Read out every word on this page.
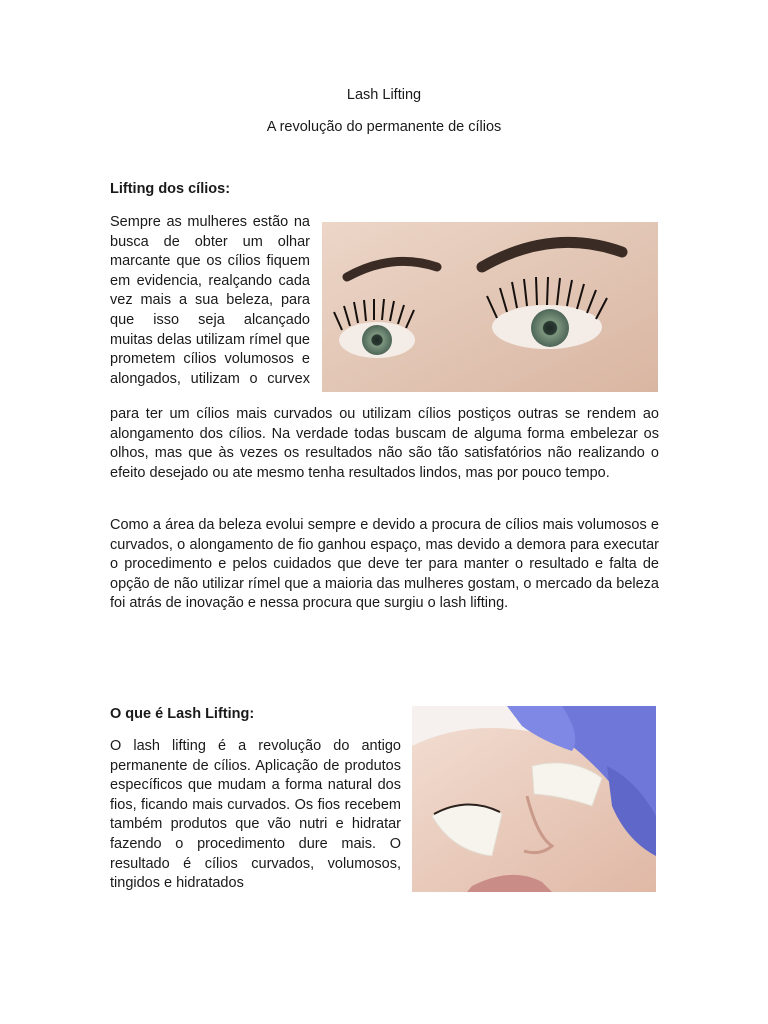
Lash Lifting
A revolução do permanente de cílios
Lifting dos cílios:

Sempre as mulheres estão na busca de obter um olhar marcante que os cílios fiquem em evidencia, realçando cada vez mais a sua beleza, para que isso seja alcançado muitas delas utilizam rímel que prometem cílios volumosos e alongados, utilizam o curvex

para ter um cílios mais curvados ou utilizam cílios postiços outras se rendem ao alongamento dos cílios. Na verdade todas buscam de alguma forma embelezar os olhos, mas que às vezes os resultados não são tão satisfatórios não realizando o efeito desejado ou ate mesmo tenha resultados lindos, mas por pouco tempo.

Como a área da beleza evolui sempre e devido a procura de cílios mais volumosos e curvados, o alongamento de fio ganhou espaço, mas devido a demora para executar o procedimento e pelos cuidados que deve ter para manter o resultado e falta de opção de não utilizar rímel que a maioria das mulheres gostam, o mercado da beleza foi atrás de inovação e nessa procura que surgiu o lash lifting.

O que é Lash Lifting:

O lash lifting é a revolução do antigo permanente de cílios. Aplicação de produtos específicos que mudam a forma natural dos fios, ficando mais curvados. Os fios recebem também produtos que vão nutri e hidratar fazendo o procedimento dure mais. O resultado é cílios curvados, volumosos, tingidos e hidratados
